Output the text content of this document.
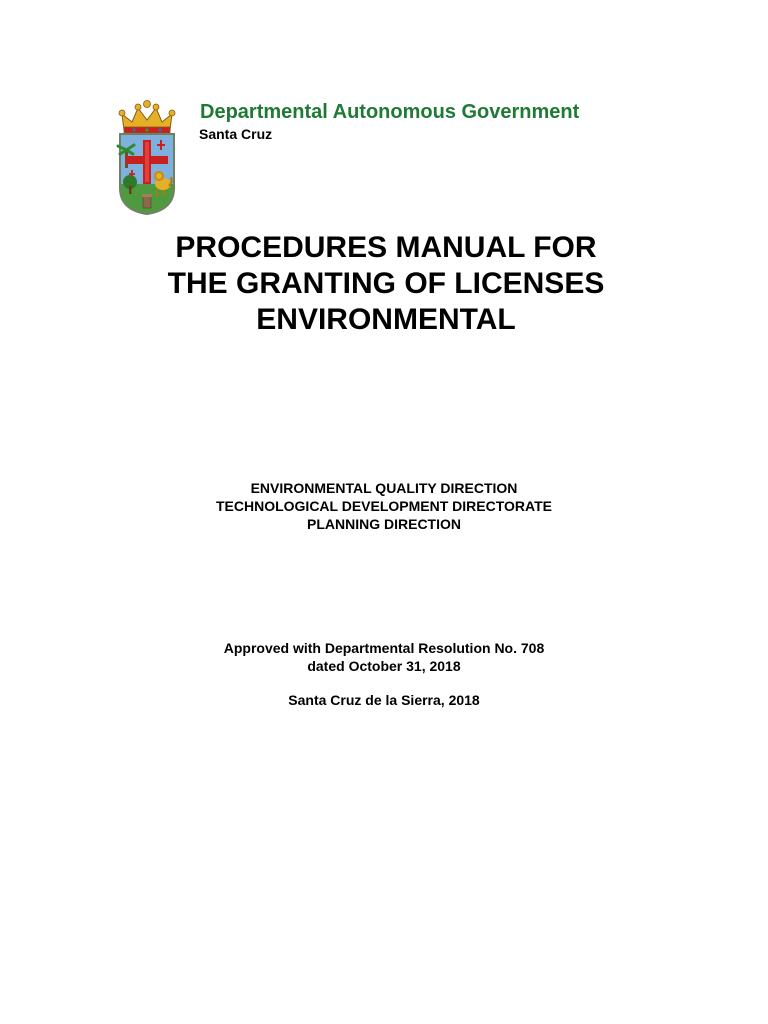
Departmental Autonomous Government
Santa Cruz
PROCEDURES MANUAL FOR
THE GRANTING OF LICENSES
ENVIRONMENTAL
ENVIRONMENTAL QUALITY DIRECTION
TECHNOLOGICAL DEVELOPMENT DIRECTORATE
PLANNING DIRECTION
Approved with Departmental Resolution No. 708
dated October 31, 2018
Santa Cruz de la Sierra, 2018
